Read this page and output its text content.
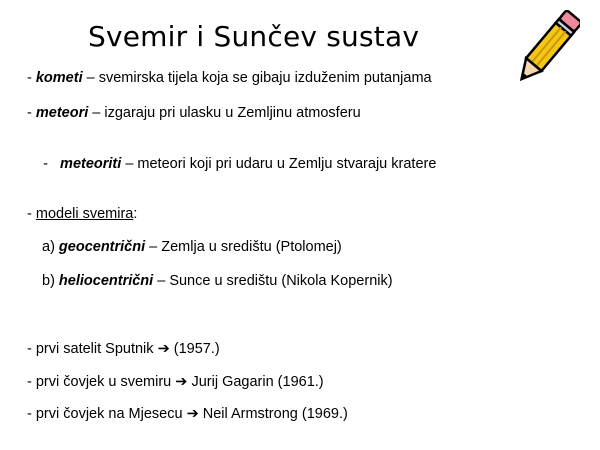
Svemir i Sunčev sustav
- kometi – svemirska tijela koja se gibaju izduženim putanjama
- meteori – izgaraju pri ulasku u Zemljinu atmosferu

-   meteoriti – meteori koji pri udaru u Zemlju stvaraju kratere

- modeli svemira:
a) geocentrični – Zemlja u središtu (Ptolomej)
b) heliocentrični – Sunce u središtu (Nikola Kopernik)
- prvi satelit Sputnik ➔ (1957.)
- prvi čovjek u svemiru ➔ Jurij Gagarin (1961.)
- prvi čovjek na Mjesecu ➔ Neil Armstrong (1969.)
